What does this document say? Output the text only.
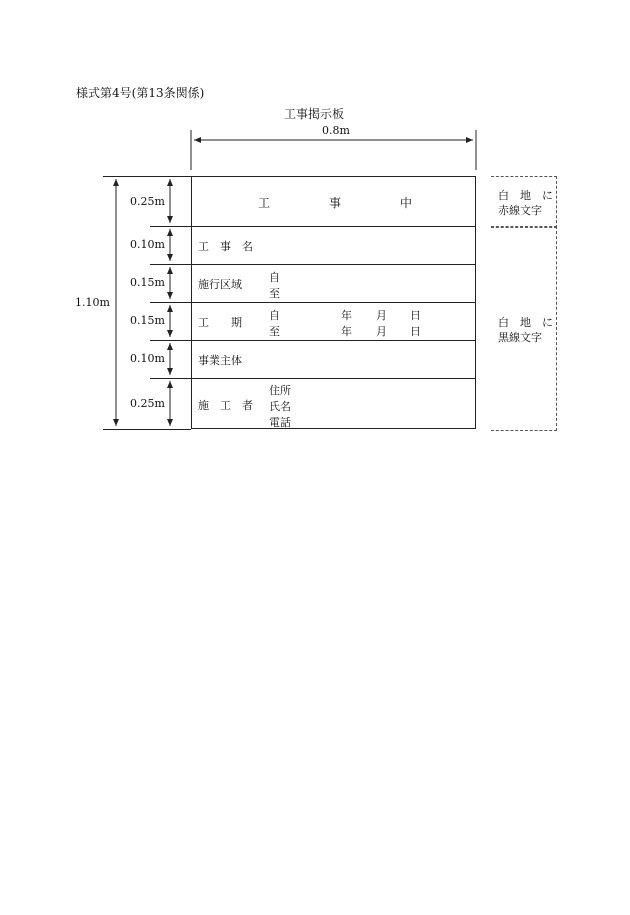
様式第4号(第13条関係)
工事掲示板
0.8m
1.10m
0.25m
0.10m
0.15m
0.15m
0.10m
0.25m
工	事	中
工　事　名
施行区域
自
至
工　　期
自
至
年 月 日
年 月 日
事業主体
施　工　者
住所
氏名
電話
白　地　に
赤線文字
白　地　に
黒線文字
